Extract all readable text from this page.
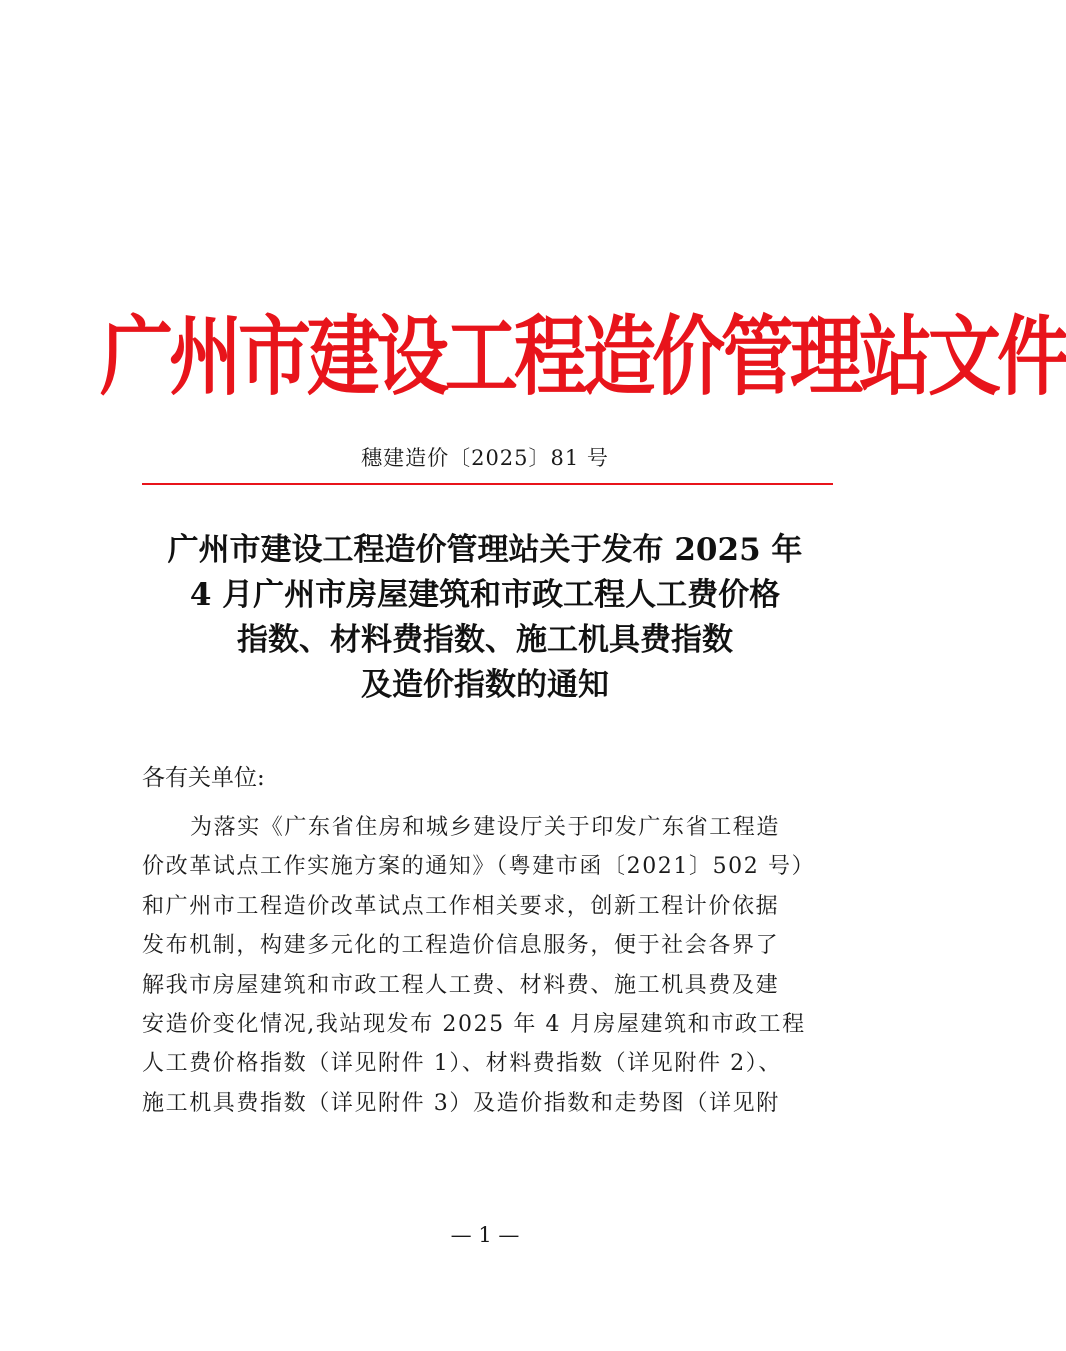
广州市建设工程造价管理站文件
穗建造价〔2025〕81 号
广州市建设工程造价管理站关于发布 2025 年
4 月广州市房屋建筑和市政工程人工费价格
指数、材料费指数、施工机具费指数
及造价指数的通知
各有关单位:
为落实《广东省住房和城乡建设厅关于印发广东省工程造
价改革试点工作实施方案的通知》（粤建市函〔2021〕502 号）
和广州市工程造价改革试点工作相关要求，创新工程计价依据
发布机制，构建多元化的工程造价信息服务，便于社会各界了
解我市房屋建筑和市政工程人工费、材料费、施工机具费及建
安造价变化情况,我站现发布 2025 年 4 月房屋建筑和市政工程
人工费价格指数（详见附件 1）、材料费指数（详见附件 2）、
施工机具费指数（详见附件 3）及造价指数和走势图（详见附
— 1 —
